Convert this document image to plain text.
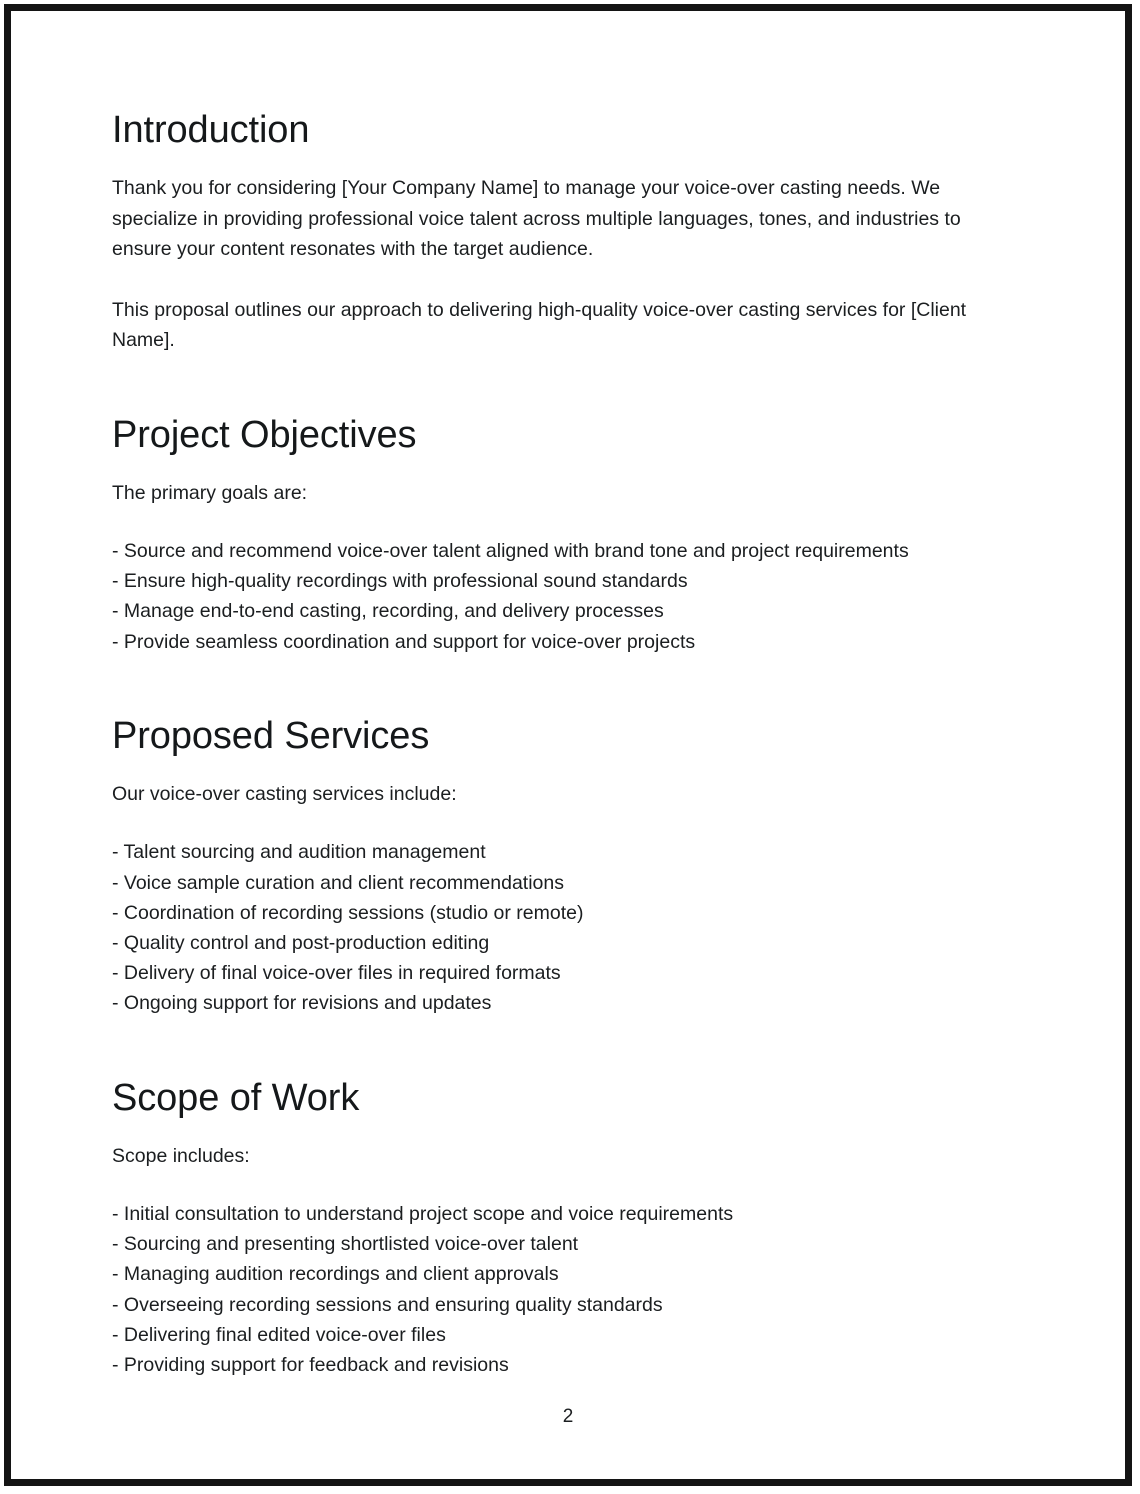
Introduction

Thank you for considering [Your Company Name] to manage your voice-over casting needs. We specialize in providing professional voice talent across multiple languages, tones, and industries to ensure your content resonates with the target audience.

This proposal outlines our approach to delivering high-quality voice-over casting services for [Client Name].

Project Objectives

The primary goals are:

- Source and recommend voice-over talent aligned with brand tone and project requirements
- Ensure high-quality recordings with professional sound standards
- Manage end-to-end casting, recording, and delivery processes
- Provide seamless coordination and support for voice-over projects
Proposed Services

Our voice-over casting services include:

- Talent sourcing and audition management
- Voice sample curation and client recommendations
- Coordination of recording sessions (studio or remote)
- Quality control and post-production editing
- Delivery of final voice-over files in required formats
- Ongoing support for revisions and updates
Scope of Work

Scope includes:

- Initial consultation to understand project scope and voice requirements
- Sourcing and presenting shortlisted voice-over talent
- Managing audition recordings and client approvals
- Overseeing recording sessions and ensuring quality standards
- Delivering final edited voice-over files
- Providing support for feedback and revisions
2
